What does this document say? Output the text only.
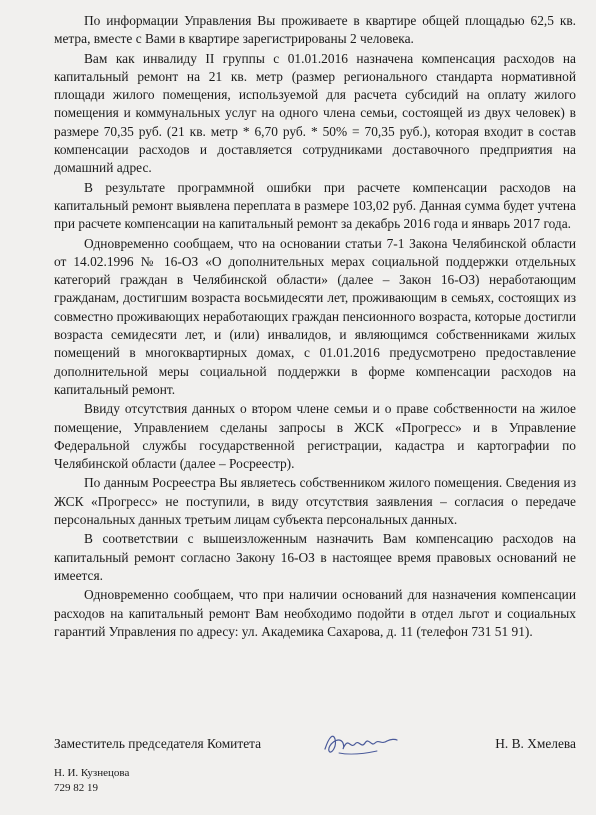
По информации Управления Вы проживаете в квартире общей площадью 62,5 кв. метра, вместе с Вами в квартире зарегистрированы 2 человека.

Вам как инвалиду II группы с 01.01.2016 назначена компенсация расходов на капитальный ремонт на 21 кв. метр (размер регионального стандарта нормативной площади жилого помещения, используемой для расчета субсидий на оплату жилого помещения и коммунальных услуг на одного члена семьи, состоящей из двух человек) в размере 70,35 руб. (21 кв. метр * 6,70 руб. * 50% = 70,35 руб.), которая входит в состав компенсации расходов и доставляется сотрудниками доставочного предприятия на домашний адрес.

В результате программной ошибки при расчете компенсации расходов на капитальный ремонт выявлена переплата в размере 103,02 руб. Данная сумма будет учтена при расчете компенсации на капитальный ремонт за декабрь 2016 года и январь 2017 года.

Одновременно сообщаем, что на основании статьи 7-1 Закона Челябинской области от 14.02.1996 № 16-ОЗ «О дополнительных мерах социальной поддержки отдельных категорий граждан в Челябинской области» (далее – Закон 16-ОЗ) неработающим гражданам, достигшим возраста восьмидесяти лет, проживающим в семьях, состоящих из совместно проживающих неработающих граждан пенсионного возраста, которые достигли возраста семидесяти лет, и (или) инвалидов, и являющимся собственниками жилых помещений в многоквартирных домах, с 01.01.2016 предусмотрено предоставление дополнительной меры социальной поддержки в форме компенсации расходов на капитальный ремонт.

Ввиду отсутствия данных о втором члене семьи и о праве собственности на жилое помещение, Управлением сделаны запросы в ЖСК «Прогресс» и в Управление Федеральной службы государственной регистрации, кадастра и картографии по Челябинской области (далее – Росреестр).

По данным Росреестра Вы являетесь собственником жилого помещения. Сведения из ЖСК «Прогресс» не поступили, в виду отсутствия заявления – согласия о передаче персональных данных третьим лицам субъекта персональных данных.

В соответствии с вышеизложенным назначить Вам компенсацию расходов на капитальный ремонт согласно Закону 16-ОЗ в настоящее время правовых оснований не имеется.

Одновременно сообщаем, что при наличии оснований для назначения компенсации расходов на капитальный ремонт Вам необходимо подойти в отдел льгот и социальных гарантий Управления по адресу: ул. Академика Сахарова, д. 11 (телефон 731 51 91).

Заместитель председателя Комитета	Н. В. Хмелева
Н. И. Кузнецова
729 82 19
